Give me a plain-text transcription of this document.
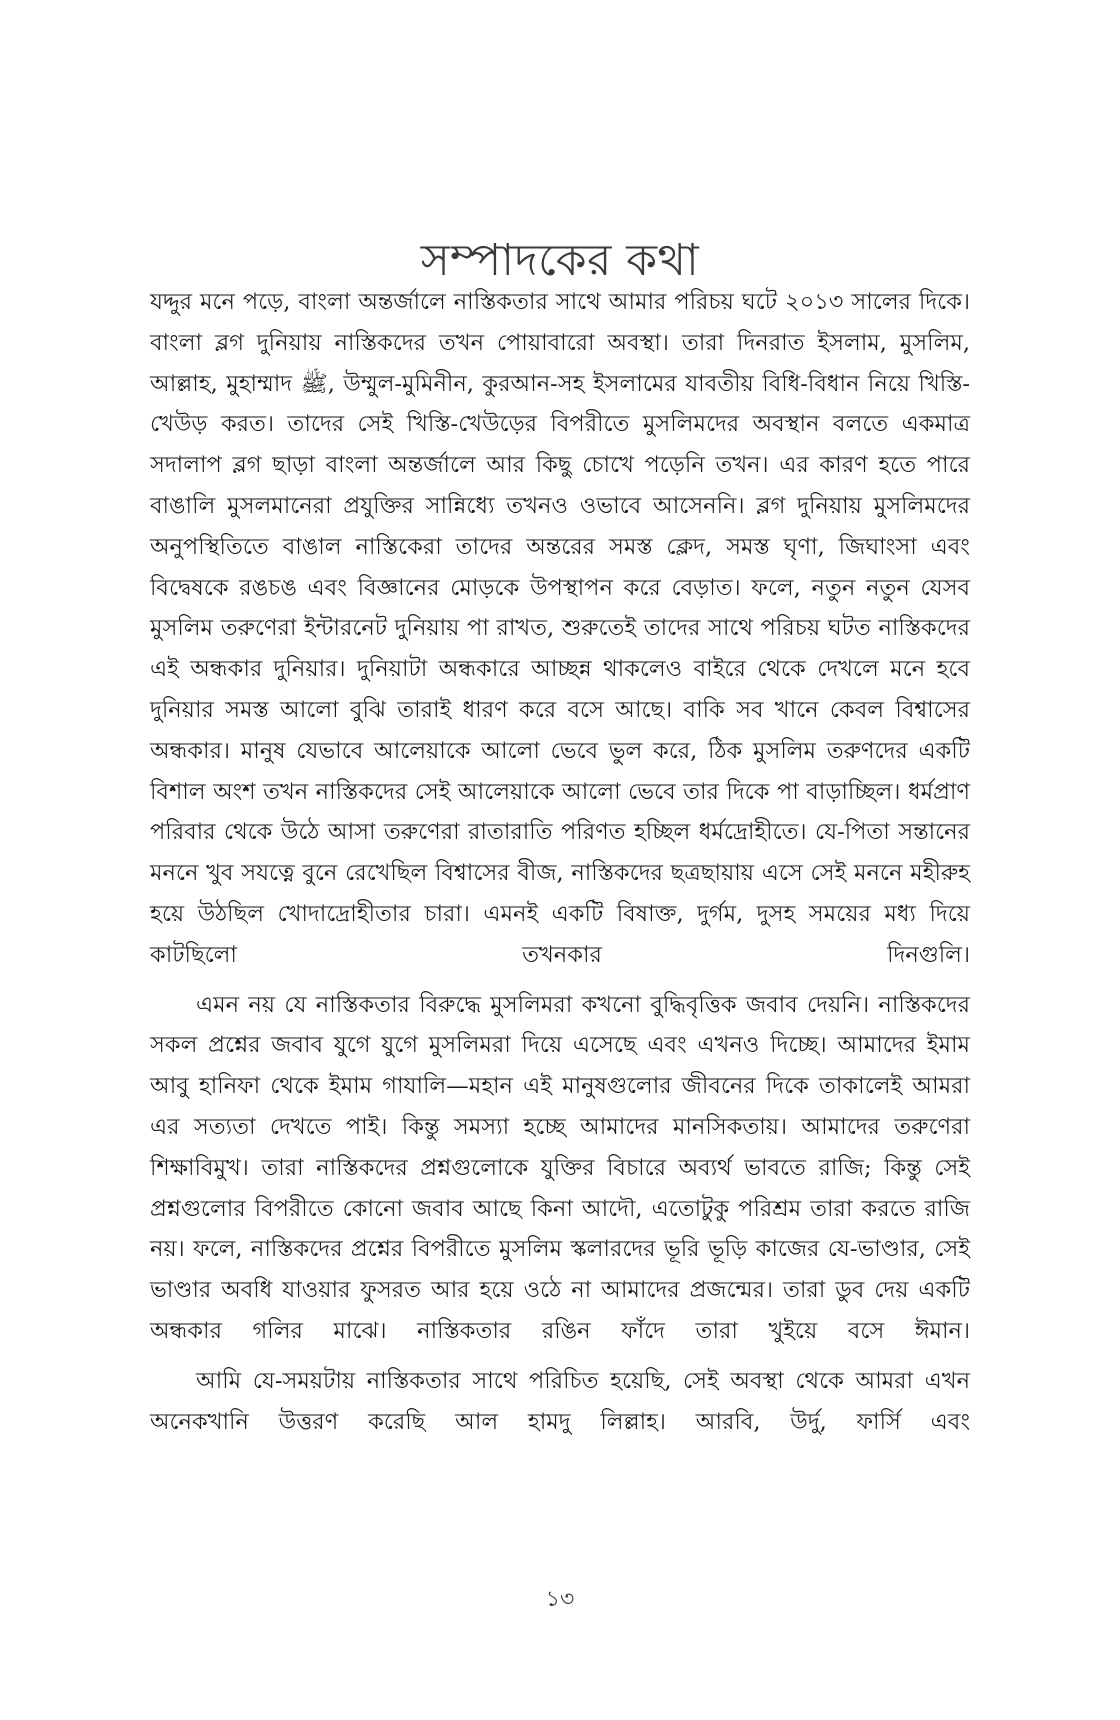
সম্পাদকের কথা

যদ্দুর মনে পড়ে, বাংলা অন্তর্জালে নাস্তিকতার সাথে আমার পরিচয় ঘটে ২০১৩ সালের দিকে। বাংলা ব্লগ দুনিয়ায় নাস্তিকদের তখন পোয়াবারো অবস্থা। তারা দিনরাত ইসলাম, মুসলিম, আল্লাহ, মুহাম্মাদ ﷺ, উম্মুল-মুমিনীন, কুরআন-সহ ইসলামের যাবতীয় বিধি-বিধান নিয়ে খিস্তি-খেউড় করত। তাদের সেই খিস্তি-খেউড়ের বিপরীতে মুসলিমদের অবস্থান বলতে একমাত্র সদালাপ ব্লগ ছাড়া বাংলা অন্তর্জালে আর কিছু চোখে পড়েনি তখন। এর কারণ হতে পারে বাঙালি মুসলমানেরা প্রযুক্তির সান্নিধ্যে তখনও ওভাবে আসেননি। ব্লগ দুনিয়ায় মুসলিমদের অনুপস্থিতিতে বাঙাল নাস্তিকেরা তাদের অন্তরের সমস্ত ক্লেদ, সমস্ত ঘৃণা, জিঘাংসা এবং বিদ্বেষকে রঙচঙ এবং বিজ্ঞানের মোড়কে উপস্থাপন করে বেড়াত। ফলে, নতুন নতুন যেসব মুসলিম তরুণেরা ইন্টারনেট দুনিয়ায় পা রাখত, শুরুতেই তাদের সাথে পরিচয় ঘটত নাস্তিকদের এই অন্ধকার দুনিয়ার। দুনিয়াটা অন্ধকারে আচ্ছন্ন থাকলেও বাইরে থেকে দেখলে মনে হবে দুনিয়ার সমস্ত আলো বুঝি তারাই ধারণ করে বসে আছে। বাকি সব খানে কেবল বিশ্বাসের অন্ধকার। মানুষ যেভাবে আলেয়াকে আলো ভেবে ভুল করে, ঠিক মুসলিম তরুণদের একটি বিশাল অংশ তখন নাস্তিকদের সেই আলেয়াকে আলো ভেবে তার দিকে পা বাড়াচ্ছিল। ধর্মপ্রাণ পরিবার থেকে উঠে আসা তরুণেরা রাতারাতি পরিণত হচ্ছিল ধর্মদ্রোহীতে। যে-পিতা সন্তানের মননে খুব সযত্নে বুনে রেখেছিল বিশ্বাসের বীজ, নাস্তিকদের ছত্রছায়ায় এসে সেই মননে মহীরুহ হয়ে উঠছিল খোদাদ্রোহীতার চারা। এমনই একটি বিষাক্ত, দুর্গম, দুসহ সময়ের মধ্য দিয়ে কাটছিলো তখনকার দিনগুলি।

এমন নয় যে নাস্তিকতার বিরুদ্ধে মুসলিমরা কখনো বুদ্ধিবৃত্তিক জবাব দেয়নি। নাস্তিকদের সকল প্রশ্নের জবাব যুগে যুগে মুসলিমরা দিয়ে এসেছে এবং এখনও দিচ্ছে। আমাদের ইমাম আবু হানিফা থেকে ইমাম গাযালি—মহান এই মানুষগুলোর জীবনের দিকে তাকালেই আমরা এর সত্যতা দেখতে পাই। কিন্তু সমস্যা হচ্ছে আমাদের মানসিকতায়। আমাদের তরুণেরা শিক্ষাবিমুখ। তারা নাস্তিকদের প্রশ্নগুলোকে যুক্তির বিচারে অব্যর্থ ভাবতে রাজি; কিন্তু সেই প্রশ্নগুলোর বিপরীতে কোনো জবাব আছে কিনা আদৌ, এতোটুকু পরিশ্রম তারা করতে রাজি নয়। ফলে, নাস্তিকদের প্রশ্নের বিপরীতে মুসলিম স্কলারদের ভূরি ভূড়ি কাজের যে-ভাণ্ডার, সেই ভাণ্ডার অবধি যাওয়ার ফুসরত আর হয়ে ওঠে না আমাদের প্রজন্মের। তারা ডুব দেয় একটি অন্ধকার গলির মাঝে। নাস্তিকতার রঙিন ফাঁদে তারা খুইয়ে বসে ঈমান।

আমি যে-সময়টায় নাস্তিকতার সাথে পরিচিত হয়েছি, সেই অবস্থা থেকে আমরা এখন অনেকখানি উত্তরণ করেছি আল হামদু লিল্লাহ। আরবি, উর্দু, ফার্সি এবং

১৩
